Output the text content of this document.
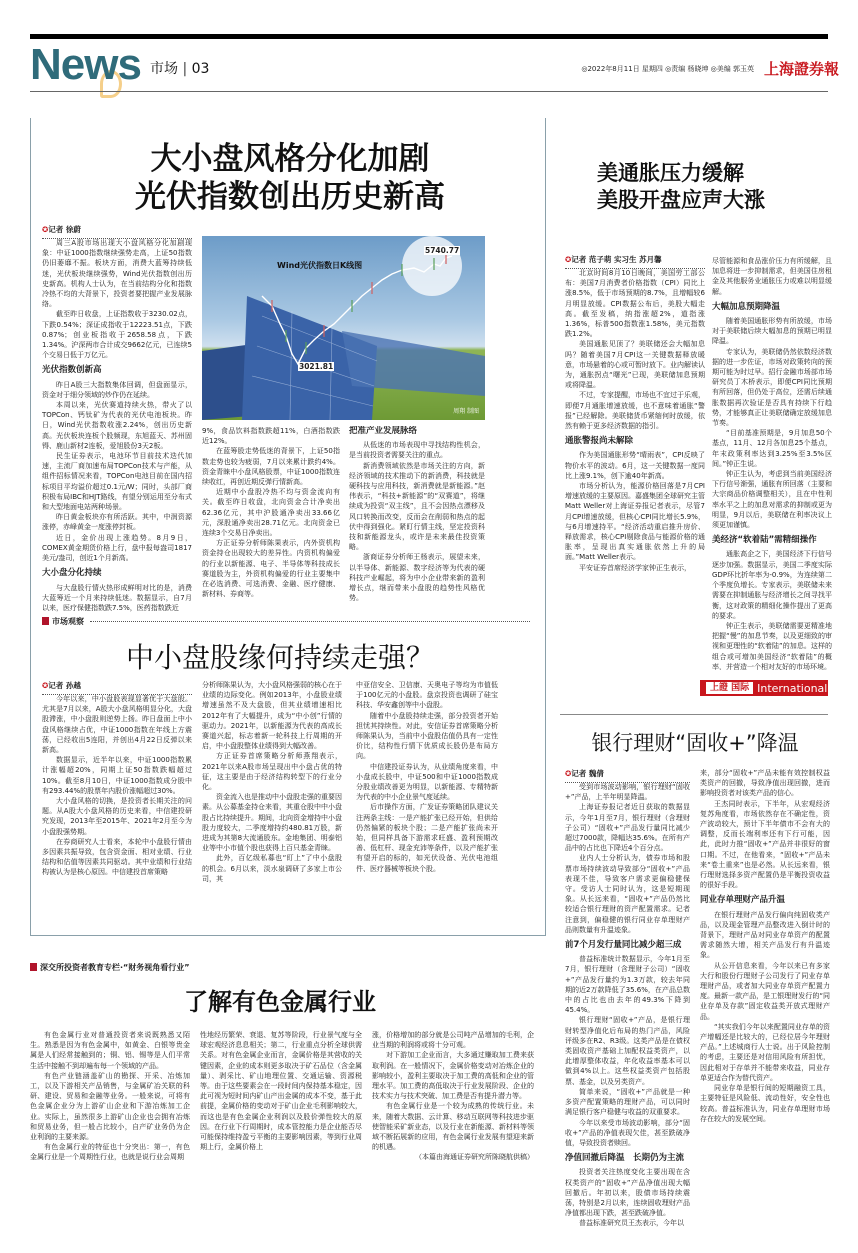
News 市场 | 03	◎2022年8月11日 星期四 ◎责编 杨晓坤 ◎美编 郭玉英 上海證券報
大小盘风格分化加剧
光伏指数创出历史新高
✪记者 徐蔚

周三A股市场出现大小盘风格分化加剧现象：中证1000指数继续强势走高，上证50指数仍旧萎靡不振。板块方面，消费大蓝筹持续低迷，光伏板块继续强势，Wind光伏指数创出历史新高。机构人士认为，在当前结构分化和指数冷热不均的大背景下，投资者要把握产业发展脉络。

截至昨日收盘，上证指数收于3230.02点，下跌0.54%；深证成指收于12223.51点，下跌0.87%；创业板指收于2658.58点，下跌1.34%。沪深两市合计成交9662亿元，已连续5个交易日低于万亿元。

光伏指数创新高

昨日A股三大指数集体回调，但盘面显示，资金对于细分领域的炒作仍在延续。

本周以来，光伏赛道持续火热，带火了以TOPCon、钙钛矿为代表的光伏电池板块。昨日，Wind光伏指数收涨2.24%，创出历史新高。光伏板块连板个股频现，东旭蓝天、苏州固锝、鹿山新材2连板，爱旭股份3天2板。

民生证券表示，电池环节目前技术迭代加速，主流厂商加速布局TOPCon技术与产能，从组件招标情况来看，TOPCon电池目前在国内招标项目平均溢价超过0.1元/W；同时，头部厂商积极布局IBC和HJT路线，有望分别运用至分布式和大型地面电站两种场景。

昨日黄金板块亦有所活跃。其中，中润资源涨停，赤峰黄金一度涨停封板。

近日，金价出现上涨趋势。8月9日，COMEX黄金期货价格上行，盘中报每盎司1817美元/盎司，创近1个月新高。

大小盘分化持续

与大盘股行情火热形成鲜明对比的是，消费大蓝筹近一个月来持续低迷。数据显示，自7月以来，医疗保健指数跌7.5%，医药指数跌近

Wind光伏指数日K线图
5740.77
3021.81
周翔 制图

9%，食品饮料指数跌超11%，白酒指数跌近12%。

在蓝筹股走势低迷的背景下，上证50指数走势也较为疲弱，7月以来累计跌约4%。资金青睐中小盘风格股票，中证1000指数连续收红，再创近期反弹行情新高。

近期中小盘股冷热不均与资金流向有关。截至昨日收盘，北向资金合计净卖出62.36亿元，其中沪股通净卖出33.66亿元，深股通净卖出28.71亿元。北向资金已连续3个交易日净卖出。

方正证券分析师陈果表示，内外资机构资金持仓出现较大的差异性。内资机构偏爱的行业以新能源、电子、半导体等科技成长赛道股为主，外资机构偏爱的行业主要集中在必选消费、可选消费、金融、医疗健康、新材料、券商等。

把准产业发展脉络

从低迷的市场表现中寻找结构性机会，是当前投资者需要关注的重点。

新消费领域依然是市场关注的方向，新经济领域的技术推动下的新消费，科技就是硬科技与应用科技，新消费就是新能源。”赵伟表示，“科技+新能源”的“双赛道”，将继续成为投资“双主线”，且不会因热点漂移及风口转换而改变，反而会在削弱和热点的起伏中得到强化。紧盯行情主线，坚定投资科技和新能源龙头，或许是未来最佳投资策略。

浙商证券分析师王杨表示，展望未来，以半导体、新能源、数字经济等为代表的硬科技产业崛起，将为中小企业带来新的盈利增长点，继而带来小盘股的趋势性风格优势。

市场观察
中小盘股缘何持续走强？
✪记者 孙越

今年以来，中小盘股表现显著优于大盘股。尤其是7月以来，A股大小盘风格明显分化，大盘股滞涨，中小盘股则逆势上扬。昨日盘面上中小盘风格继续占优，中证1000指数在年线上方震荡，已经收出5连阳，并创出4月22日反弹以来新高。

数据显示，近半年以来，中证1000指数累计涨幅超20%，同期上证50指数跌幅超过10%。截至8月10日，中证1000指数成分股中有293.44%的股票年内股价涨幅超过30%。

大小盘风格的切换，是投资者长期关注的问题。从A股大小盘风格的历史来看，中信建投研究发现，2013年至2015年、2021年2月至今为小盘股强势期。

在券商研究人士看来，本轮中小盘股行情由多因素共振导致，包含资金面、相对业绩、行业结构和估值等因素共同驱动。其中业绩和行业结构被认为是核心原因。中信建投首席策略

分析师陈果认为，大小盘风格强弱的核心在于业绩的边际变化。例如2013年，小盘股业绩增速虽然不及大盘股，但其业绩增速相比2012年有了大幅提升，成为“中小创”行情的驱动力。2021年，以新能源为代表的高成长赛道兴起，标志着新一轮科技上行周期的开启，中小盘股整体业绩得到大幅改善。

方正证券首席策略分析师燕翔表示，2021年以来A股市场呈现出中小盘占优的特征，这主要是由于经济结构转型下的行业分化。

资金流入也是推动中小盘股走强的重要因素。从公募基金持仓来看，其重仓股中中小盘股占比持续提升。期间，北向资金增持中小盘股力度较大，二季度增持约480.81万股，新进成为其第8大流通股东。金地集团、明泰铝业等中小市值个股也获得上百只基金青睐。

此外，百亿级私募也“盯上”了中小盘股的机会。6月以来，淡水泉调研了多家上市公司，其

中亚信安全、卫信康、天奥电子等均为市值低于100亿元的小盘股。盘京投资也调研了硅宝科技、华安鑫创等中小盘股。

随着中小盘股持续走强，部分投资者开始担忧其持续性。对此，安信证券首席策略分析师陈果认为，当前中小盘股估值仍具有一定性价比，结构性行情下优质成长股仍是布局方向。

中信建投证券认为，从业绩角度来看，中小盘成长股中，中证500和中证1000指数成分股业绩改善更为明显，以新能源、专精特新为代表的中小企业景气度延续。

后市操作方面，广发证券策略团队建议关注两条主线：一是产能扩张已经开始，但供给仍然偏紧的板块个股；二是产能扩张尚未开始，但同样具备下游需求旺盛、盈利预期改善、低杠杆、现金充沛等条件，以及产能扩张有望开启的标的，如光伏设备、光伏电池组件、医疗器械等板块个股。

美通胀压力缓解
美股开盘应声大涨
✪记者 范子萌 实习生 苏月馨

北京时间8月10日晚间，美国劳工部公布：美国7月消费者价格指数（CPI）同比上涨8.5%，低于市场预期的8.7%，且增幅较6月明显放缓。CPI数据公布后，美股大幅走高。截至发稿，纳指涨超2%，道指涨1.36%，标普500指数涨1.58%，美元指数跌1.2%。

美国通胀见顶了？美联储还会大幅加息吗？随着美国7月CPI这一关键数据释放暖意，市场悬着的心或可暂时放下。业内解读认为，通胀拐点“曙光”已现，美联储加息预期或将降温。

不过，专家提醒，市场也不宜过于乐观，即便7月通胀增速放缓，也不意味着通胀“警报”已经解除。美联储货币紧缩何时放缓，依然有赖于更多经济数据的指引。

通胀警报尚未解除

作为美国通胀形势“晴雨表”，CPI反映了物价水平的波动。6月，这一关键数据一度同比上涨9.1%，创下逾40年新高。

市场分析认为，能源价格回落是7月CPI增速放缓的主要原因。嘉盛集团全球研究主管Matt Weller对上海证券报记者表示，尽管7月CPI增速放缓，但核心CPI同比增长5.9%，与6月增速持平。“经济活动重启推升房价、释放需求，核心CPI剔除食品与能源价格的通胀率，呈现出真实通胀依然上升的局面。”Matt Weller表示。

平安证券首席经济学家钟正生表示，

尽管能源和食品涨价压力有所缓解，且加息将进一步抑制需求，但美国住房租金及其他服务业通胀压力或难以明显缓解。

大幅加息预期降温

随着美国通胀形势有所放缓，市场对于美联储后续大幅加息的预期已明显降温。

专家认为，美联储仍然依数经济数据的进一步佐证，市场对政策转向的预期可能为时过早。招行金融市场部市场研究员丁木桥表示，即便CPI同比预期有所回落，但仍处于高位，还需后续通胀数据再次验证是否具有持续下行趋势，才能够真正让美联储确定放缓加息节奏。

“目前基准预期是，9月加息50个基点，11月、12月各加息25个基点，年末政策利率达到3.25%至3.5%区间。”钟正生说。

钟正生认为，考虑到当前美国经济下行信号渐强，通胀有所回落（主要和大宗商品价格调整相关），且在中性利率水平之上的加息对需求的抑制或更为明显，9月以后，美联储在利率决议上须更加谨慎。

美经济“软着陆”需精细操作

通胀高企之下，美国经济下行信号逐步加强。数据显示，美国二季度实际GDP环比折年率为-0.9%，为连续第二个季度负增长。专家表示，美联储未来需要在抑制通胀与经济增长之间寻找平衡，这对政策的精细化操作提出了更高的要求。

钟正生表示，美联储需要更精准地把握“慢”的加息节奏，以及更细致的审视和更理性的“软着陆”的加息。这样的组合或可增加美国经济“软着陆”的概率，并营造一个相对友好的市场环境。

上證 国际 International
银行理财“固收+”降温
✪记者 魏倩

受到市场波动影响，银行理财“固收+”产品，上半年明显降温。

上海证券报记者近日获取的数据显示，今年1月至7月，银行理财（含理财子公司）“固收+”产品发行量同比减少超过7000款，降幅达35.6%。在所有产品中的占比也下降近4个百分点。

业内人士分析认为，债券市场和股票市场持续波动导致部分“固收+”产品表现不佳，导致客户需求更偏稳健保守。受访人士同时认为，这是短期现象。从长远来看，“固收+”产品仍然比较适合银行理财的资产配置需求。记者注意到，偏稳健的银行同业存单理财产品则数量有升温迹象。

前7个月发行量同比减少超三成

普益标准统计数据显示，今年1月至7月，银行理财（含理财子公司）“固收+”产品发行量约为1.3万款，较去年同期的近2万款降低了35.6%，在产品总数中的占比也由去年的49.3%下降到45.4%。

银行理财“固收+”产品，是银行理财转型净值化后布局的热门产品，风险评级多在R2、R3级。这类产品是在债权类固收资产基础上加配权益类资产，以此增厚整体收益，年化收益率基本可以做到4%以上。这些权益类资产包括股票、基金，以及另类资产。

简单来说，“固收+”产品就是一种多资产配置策略的理财产品，可以同时满足银行客户稳健与收益的双重要求。

今年以来受市场波动影响，部分“固收+”产品的净值表现欠佳，甚至跌破净值，导致投资者赎回。

净值回撤后降温　长期仍为主流

投资者关注热度变化主要出现在含权类资产的“固收+”产品净值出现大幅回撤后。年初以来，股债市场持续震荡，特别是2月以来，连续固收理财产品净值都出现下跌，甚至跌破净值。

普益标准研究员王杰表示，今年以

来，部分“固收+”产品未能有效控制权益类资产的回撤，导致净值出现回撤，进而影响投资者对该类产品的信心。

王杰同时表示，下半年，从宏观经济复苏角度看，市场依然存在不确定性，资产波动较大，预计下半年债市不会有大的调整，反而长端利率还有下行可能，因此，此时力推“固收+”产品并非很好的窗口期。不过，在他看来，“固收+”产品未来“卷土重来”也是必然。从长远来看，银行理财选择多资产配置仍是平衡投资收益的很好手段。

同业存单理财产品升温

在银行理财产品发行偏向纯固收类产品，以及现金管理产品整改进入倒计时的背景下，理财产品对同业存单资产的配置需求随然大增，相关产品发行有升温迹象。

从公开信息来看，今年以来已有多家大行和股份行理财子公司发行了同业存单理财产品，或者加大同业存单资产配置力度。最新一款产品，是工银理财发行的“同业存单及存款”固定收益类开放式理财产品。

“其实我们今年以来配置同业存单的资产增幅还是比较大的，已经位居今年理财产品。”上述城商行人士说。出于风险控制的考虑，主要还是对信用风险有所担忧，因此相对于存单并不能带来收益，同业存单更适合作为替代资产。

同业存单是银行间的短期融资工具，主要特征是风险低、流动性好，安全性也较高。普益标准认为，同业存单理财市场存在较大的发展空间。

深交所投资者教育专栏·“财务视角看行业”
了解有色金属行业

有色金属行业对普通投资者来说既熟悉又陌生。熟悉是因为有色金属中，如黄金、白银等贵金属是人们经常接触到的；铜、铝、锡等是人们平常生活中接触不到却遍布每一个领域的产品。

有色产业链涵盖矿山的勘探、开采、冶炼加工，以及下游相关产品销售，与金属矿冶关联的科研、建设、贸易和金融等业务。一般来说，可将有色金属企业分为上游矿山企业和下游冶炼加工企业。实际上，虽然很多上游矿山企业也会拥有冶炼和贸易业务，但一般占比较小，自产矿业务仍为企业利润的主要来源。

有色金属行业的特征也十分突出：第一，有色金属行业是一个周期性行业，也就是说行业会周期

性地经历繁荣、衰退、复苏等阶段，行业景气度与全球宏观经济息息相关；第二，行业重点分析全球供需关系。对有色金属企业而言，金属价格是其营收的关键因素，企业的成本则更多取决于矿石品位（含金属量）、剥采比、矿山地理位置、交通运输、资源税等。由于这些要素会在一段时间内保持基本稳定，因此可视为短时间内矿山产出金属的成本不变，基于此前提，金属价格的变动对于矿山企业毛利影响较大，而这也是有色金属企业利润以及股价弹性较大的原因。在行业下行周期时，成本管控能力是企业能否尽可能保持维持盈亏平衡的主要影响因素，等到行业周期上行，金属价格上

涨，价格增加的部分就是公司吨产品增加的毛利，企业当期的利润将或将十分可观。

对下游加工企业而言，大多通过赚取加工费来获取利润。在一般情况下，金属价格变动对冶炼企业的影响较小，盈利主要取决于加工费的高低和企业的管理水平。加工费的高低取决于行业发展阶段、企业的技术实力与技术突破、加工费是否有提升潜力等。

有色金属行业是一个较为成熟的传统行业。未来，随着大数据、云计算、移动互联网等科技进步驱使智能采矿新业态，以及行业在新能源、新材料等领域不断拓展新的应用，有色金属行业发展有望迎来新的机遇。

（本篇由海通证券研究所陈晓航供稿）
